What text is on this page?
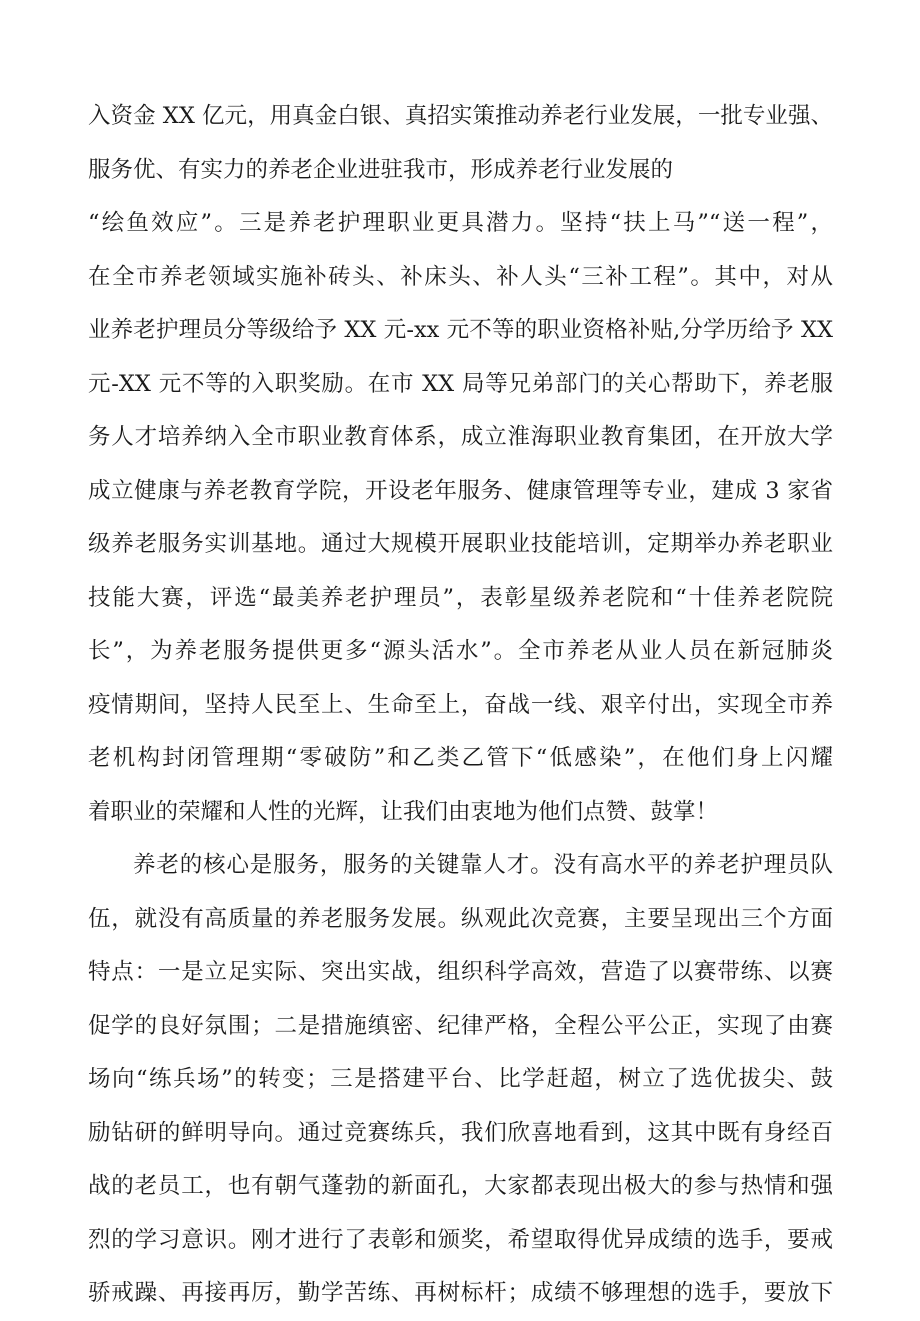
入资金 XX 亿元，用真金白银、真招实策推动养老行业发展，一批专业强、
服务优、有实力的养老企业进驻我市，形成养老行业发展的
“绘鱼效应”。三是养老护理职业更具潜力。坚持“扶上马”“送一程”，
在全市养老领域实施补砖头、补床头、补人头“三补工程”。其中，对从
业养老护理员分等级给予 XX 元-xx 元不等的职业资格补贴,分学历给予 XX
元-XX 元不等的入职奖励。在市 XX 局等兄弟部门的关心帮助下，养老服
务人才培养纳入全市职业教育体系，成立淮海职业教育集团，在开放大学
成立健康与养老教育学院，开设老年服务、健康管理等专业，建成 3 家省
级养老服务实训基地。通过大规模开展职业技能培训，定期举办养老职业
技能大赛，评选“最美养老护理员”，表彰星级养老院和“十佳养老院院
长”，为养老服务提供更多“源头活水”。全市养老从业人员在新冠肺炎
疫情期间，坚持人民至上、生命至上，奋战一线、艰辛付出，实现全市养
老机构封闭管理期“零破防”和乙类乙管下“低感染”，在他们身上闪耀
着职业的荣耀和人性的光辉，让我们由衷地为他们点赞、鼓掌！
养老的核心是服务，服务的关键靠人才。没有高水平的养老护理员队
伍，就没有高质量的养老服务发展。纵观此次竞赛，主要呈现出三个方面
特点：一是立足实际、突出实战，组织科学高效，营造了以赛带练、以赛
促学的良好氛围；二是措施缜密、纪律严格，全程公平公正，实现了由赛
场向“练兵场”的转变；三是搭建平台、比学赶超，树立了选优拔尖、鼓
励钻研的鲜明导向。通过竞赛练兵，我们欣喜地看到，这其中既有身经百
战的老员工，也有朝气蓬勃的新面孔，大家都表现出极大的参与热情和强
烈的学习意识。刚才进行了表彰和颁奖，希望取得优异成绩的选手，要戒
骄戒躁、再接再厉，勤学苦练、再树标杆；成绩不够理想的选手，要放下
